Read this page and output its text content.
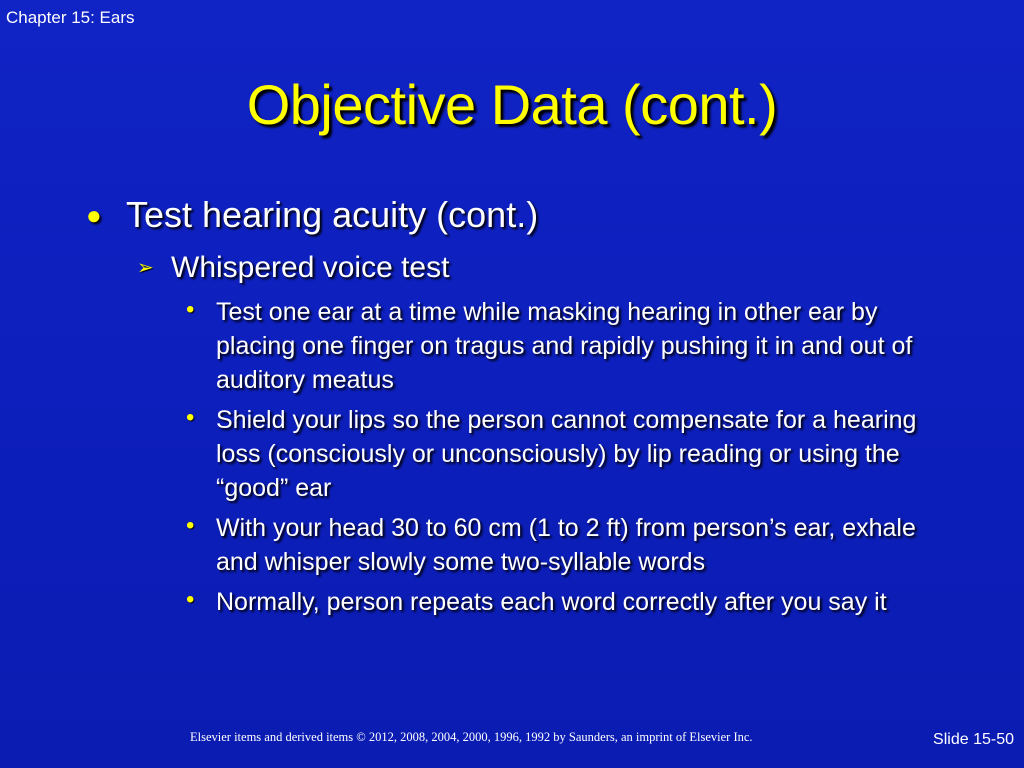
Chapter 15: Ears
Objective Data (cont.)
● Test hearing acuity (cont.)
➢ Whispered voice test
• Test one ear at a time while masking hearing in other ear by placing one finger on tragus and rapidly pushing it in and out of auditory meatus
• Shield your lips so the person cannot compensate for a hearing loss (consciously or unconsciously) by lip reading or using the “good” ear
• With your head 30 to 60 cm (1 to 2 ft) from person’s ear, exhale and whisper slowly some two-syllable words
• Normally, person repeats each word correctly after you say it
Elsevier items and derived items © 2012, 2008, 2004, 2000, 1996, 1992 by Saunders, an imprint of Elsevier Inc.	Slide 15-50
